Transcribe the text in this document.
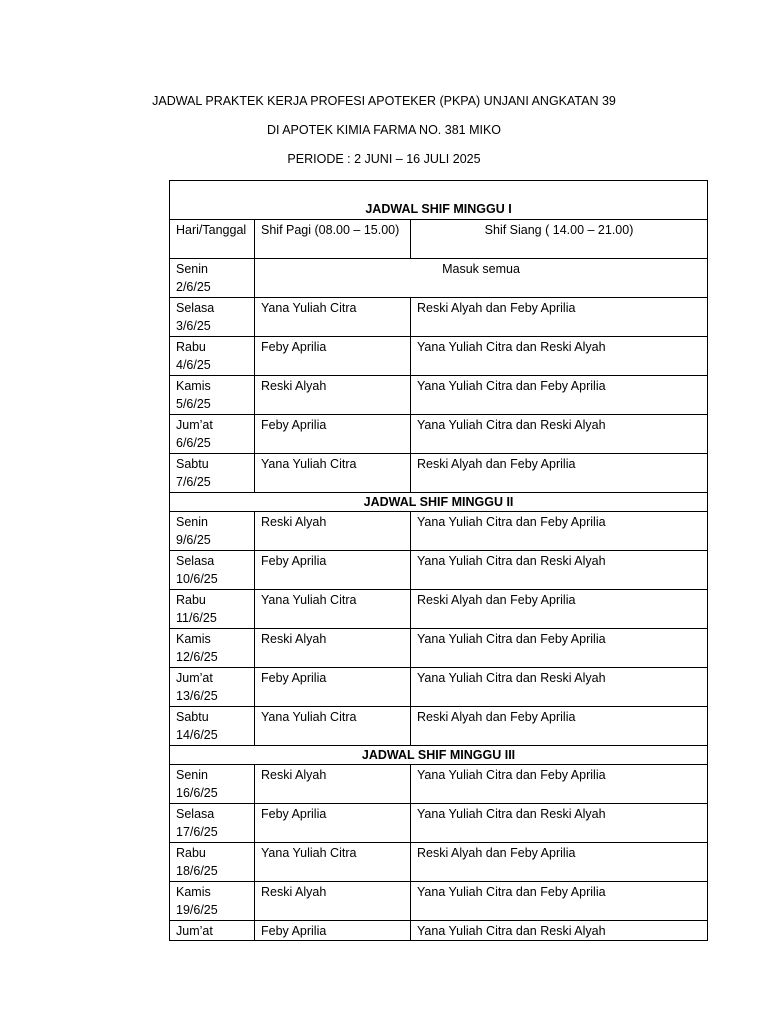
JADWAL PRAKTEK KERJA PROFESI APOTEKER (PKPA) UNJANI ANGKATAN 39
DI APOTEK KIMIA FARMA NO. 381 MIKO
PERIODE : 2 JUNI – 16 JULI 2025
JADWAL SHIF MINGGU I		
Hari/Tanggal	Shif Pagi (08.00 – 15.00)	Shif Siang ( 14.00 – 21.00)
Senin
2/6/25	Masuk semua	
Selasa
3/6/25	Yana Yuliah Citra	Reski Alyah dan Feby Aprilia
Rabu
4/6/25	Feby Aprilia	Yana Yuliah Citra dan Reski Alyah
Kamis
5/6/25	Reski Alyah	Yana Yuliah Citra dan Feby Aprilia
Jum’at
6/6/25	Feby Aprilia	Yana Yuliah Citra dan Reski Alyah
Sabtu
7/6/25	Yana Yuliah Citra	Reski Alyah dan Feby Aprilia
JADWAL SHIF MINGGU II		
Senin
9/6/25	Reski Alyah	Yana Yuliah Citra dan Feby Aprilia
Selasa
10/6/25	Feby Aprilia	Yana Yuliah Citra dan Reski Alyah
Rabu
11/6/25	Yana Yuliah Citra	Reski Alyah dan Feby Aprilia
Kamis
12/6/25	Reski Alyah	Yana Yuliah Citra dan Feby Aprilia
Jum’at
13/6/25	Feby Aprilia	Yana Yuliah Citra dan Reski Alyah
Sabtu
14/6/25	Yana Yuliah Citra	Reski Alyah dan Feby Aprilia
JADWAL SHIF MINGGU III		
Senin
16/6/25	Reski Alyah	Yana Yuliah Citra dan Feby Aprilia
Selasa
17/6/25	Feby Aprilia	Yana Yuliah Citra dan Reski Alyah
Rabu
18/6/25	Yana Yuliah Citra	Reski Alyah dan Feby Aprilia
Kamis
19/6/25	Reski Alyah	Yana Yuliah Citra dan Feby Aprilia
Jum’at	Feby Aprilia	Yana Yuliah Citra dan Reski Alyah
